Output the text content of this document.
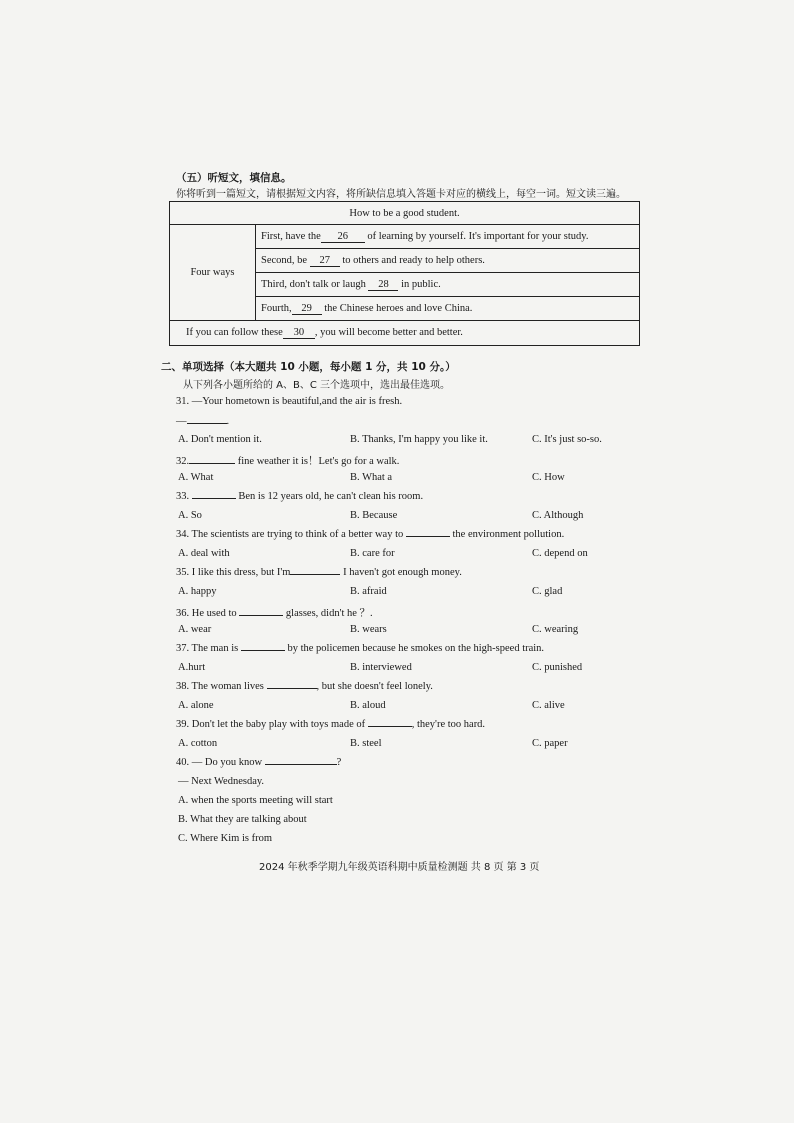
（五）听短文，填信息。
你将听到一篇短文，请根据短文内容，将所缺信息填入答题卡对应的横线上，每空一词。短文读三遍。
How to be a good student.
Four ways	First, have the 26 of learning by yourself. It's important for your study.
Second, be 27 to others and ready to help others.
Third, don't talk or laugh 28 in public.
Fourth, 29 the Chinese heroes and love China.
If you can follow these 30 , you will become better and better.
二、单项选择（本大题共 10 小题，每小题 1 分，共 10 分。）
从下列各小题所给的 A、B、C 三个选项中，选出最佳选项。
31. —Your hometown is beautiful,and the air is fresh.
—	.
A. Don't mention it.	B. Thanks, I'm happy you like it.	C. It's just so-so.
32.	fine weather it is！Let's go for a walk.
A. What	B. What a	C. How
33.	Ben is 12 years old, he can't clean his room.
A. So	B. Because	C. Although
34. The scientists are trying to think of a better way to	the environment pollution.
A. deal with	B. care for	C. depend on
35. I like this dress, but I'm	I haven't got enough money.
A. happy	B. afraid	C. glad
36. He used to	glasses, didn't he ？.
A. wear	B. wears	C. wearing
37. The man is	by the policemen because he smokes on the high-speed train.
A.hurt	B. interviewed	C. punished
38. The woman lives	, but she doesn't feel lonely.
A. alone	B. aloud	C. alive
39. Don't let the baby play with toys made of	, they're too hard.
A. cotton	B. steel	C. paper
40. — Do you know	?
— Next Wednesday.
A. when the sports meeting will start
B. What they are talking about
C. Where Kim is from
2024 年秋季学期九年级英语科期中质量检测题 共 8 页 第 3 页
